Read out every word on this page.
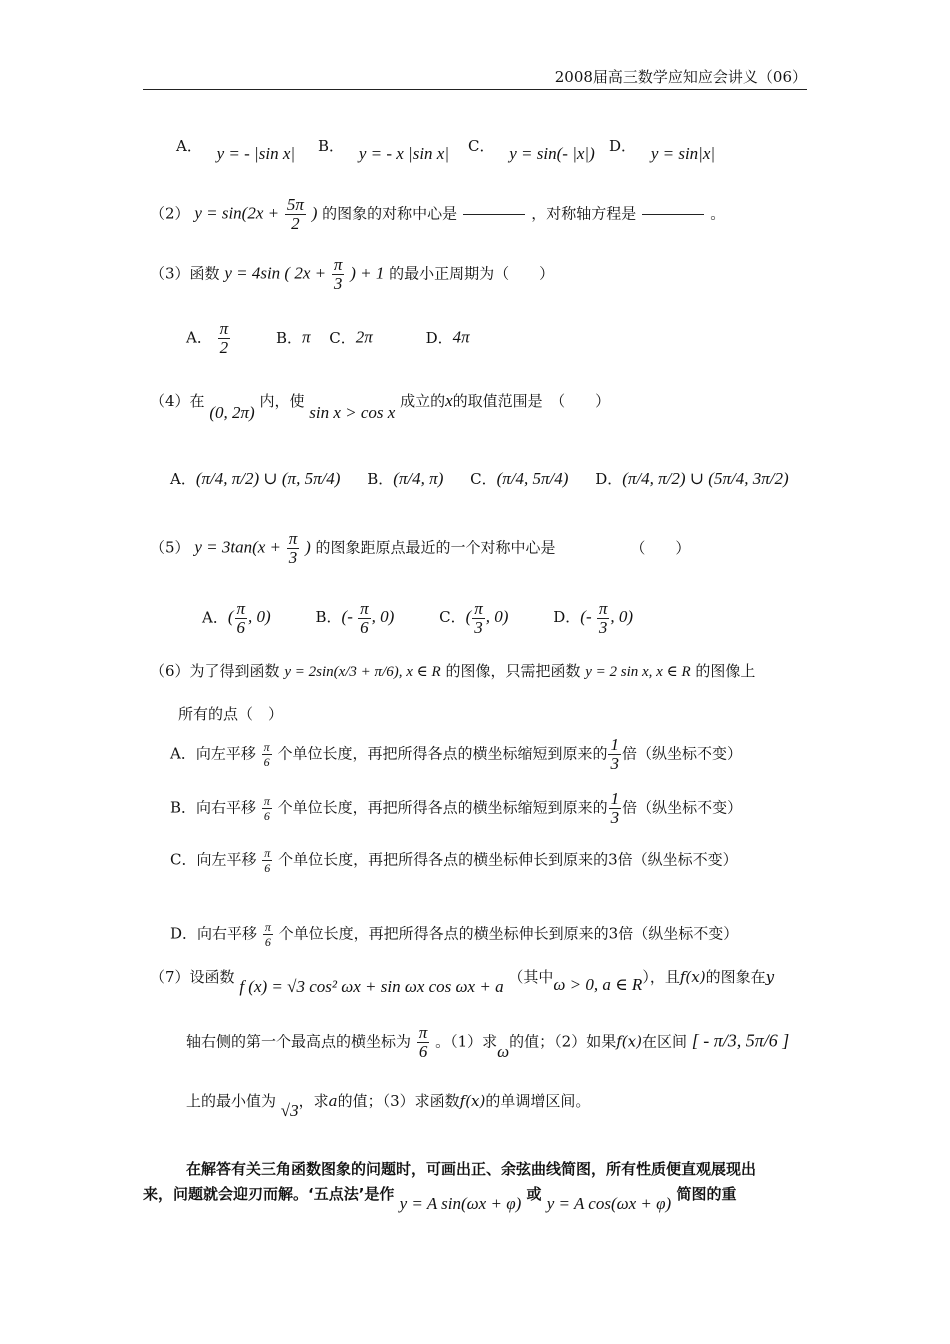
2008届高三数学应知应会讲义（06）
A． y = - |sin x| B． y = - x |sin x| C． y = sin(- |x|) D． y = sin|x|
（2） $y = \sin(2x + \frac{5\pi}{2}$ ) 的图象的对称中心是	，对称轴方程是	。
（3）函数 y = 4sin ( $2x + \frac{\pi}{3}$ ) + 1 的最小正周期为（　　）
A． $\frac{\pi}{2}$	B．π C．2π	D．4π
（4）在 (0, 2π) 内，使 sin x > cos x 成立的x的取值范围是　（　　）
A．(π/4, π/2) ∪ (π, 5π/4) B．(π/4, π) C．(π/4, 5π/4) D．(π/4, π/2) ∪ (5π/4, 3π/2)
（5） $y = 3\tan(x + \frac{\pi}{3}$ ) 的图象距原点最近的一个对称中心是	（　　）
A．( $\frac{\pi}{6}$ , 0)	B．(- $\frac{\pi}{6}$ , 0)	C．( $\frac{\pi}{3}$ , 0)	D．(- $\frac{\pi}{3}$ , 0)
（6）为了得到函数 y = 2sin(x/3 + π/6), x ∈ R 的图像，只需把函数 y = 2 sin x, x ∈ R 的图像上
所有的点（　）
A．向左平移 $\frac{\pi}{6}$ 个单位长度，再把所得各点的横坐标缩短到原来的 $\frac{1}{3}$ 倍（纵坐标不变）
B．向右平移 $\frac{\pi}{6}$ 个单位长度，再把所得各点的横坐标缩短到原来的 $\frac{1}{3}$ 倍（纵坐标不变）
C．向左平移 $\frac{\pi}{6}$ 个单位长度，再把所得各点的横坐标伸长到原来的3倍（纵坐标不变）
D．向右平移 $\frac{\pi}{6}$ 个单位长度，再把所得各点的横坐标伸长到原来的3倍（纵坐标不变）
（7）设函数 f (x) = √3 cos² ωx + sin ωx cos ωx + a （其中ω > 0, a ∈ R），且f(x)的图象在y
轴右侧的第一个最高点的横坐标为 $\frac{\pi}{6}$ 。（1）求ω的值；（2）如果f(x)在区间 [ - π/3, 5π/6 ]
上的最小值为 √3，求a的值；（3）求函数f(x)的单调增区间。
在解答有关三角函数图象的问题时，可画出正、余弦曲线简图，所有性质便直观展现出
来，问题就会迎刃而解。‘五点法’是作 y = A sin(ωx + φ) 或 y = A cos(ωx + φ) 简图的重
